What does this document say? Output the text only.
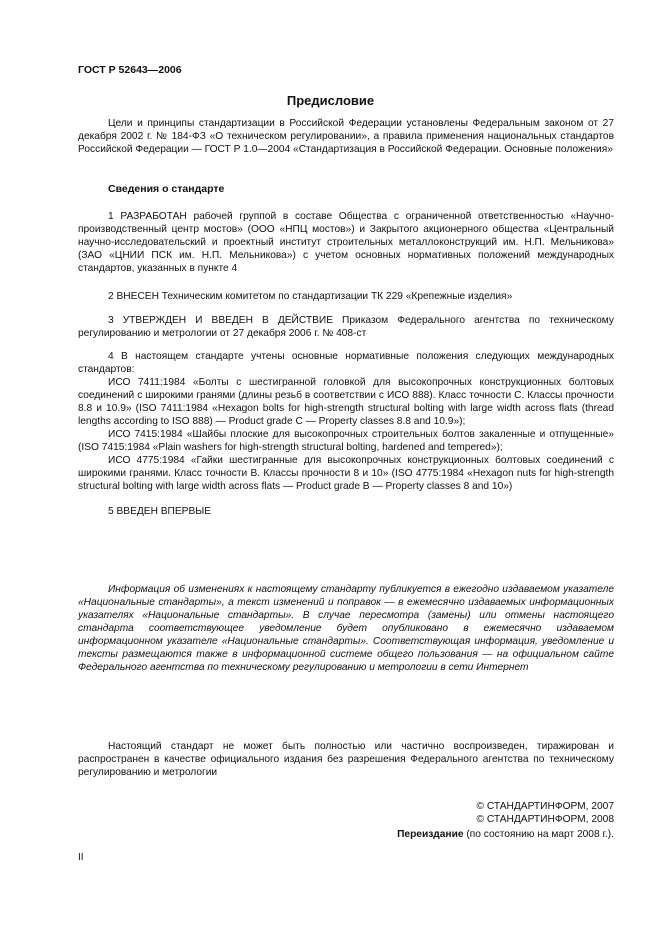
ГОСТ Р 52643—2006
Предисловие

Цели и принципы стандартизации в Российской Федерации установлены Федеральным законом от 27 декабря 2002 г. № 184-ФЗ «О техническом регулировании», а правила применения национальных стандартов Российской Федерации — ГОСТ Р 1.0—2004 «Стандартизация в Российской Федерации. Основные положения»

Сведения о стандарте

1 РАЗРАБОТАН рабочей группой в составе Общества с ограниченной ответственностью «Научно-производственный центр мостов» (ООО «НПЦ мостов») и Закрытого акционерного общества «Центральный научно-исследовательский и проектный институт строительных металлоконструкций им. Н.П. Мельникова» (ЗАО «ЦНИИ ПСК им. Н.П. Мельникова») с учетом основных нормативных положений международных стандартов, указанных в пункте 4

2 ВНЕСЕН Техническим комитетом по стандартизации ТК 229 «Крепежные изделия»

3 УТВЕРЖДЕН И ВВЕДЕН В ДЕЙСТВИЕ Приказом Федерального агентства по техническому регулированию и метрологии от 27 декабря 2006 г. № 408-ст

4 В настоящем стандарте учтены основные нормативные положения следующих международных стандартов:

ИСО 7411:1984 «Болты с шестигранной головкой для высокопрочных конструкционных болтовых соединений с широкими гранями (длины резьб в соответствии с ИСО 888). Класс точности С. Классы прочности 8.8 и 10.9» (ISO 7411:1984 «Hexagon bolts for high-strength structural bolting with large width across flats (thread lengths according to ISO 888) — Product grade C — Property classes 8.8 and 10.9»);

ИСО 7415:1984 «Шайбы плоские для высокопрочных строительных болтов закаленные и отпущенные» (ISO 7415:1984 «Plain washers for high-strength structural bolting, hardened and tempered»);

ИСО 4775:1984 «Гайки шестигранные для высокопрочных конструкционных болтовых соединений с широкими гранями. Класс точности В. Классы прочности 8 и 10» (ISO 4775:1984 «Hexagon nuts for high-strength structural bolting with large width across flats — Product grade B — Property classes 8 and 10»)

5 ВВЕДЕН ВПЕРВЫЕ

Информация об изменениях к настоящему стандарту публикуется в ежегодно издаваемом указателе «Национальные стандарты», а текст изменений и поправок — в ежемесячно издаваемых информационных указателях «Национальные стандарты». В случае пересмотра (замены) или отмены настоящего стандарта соответствующее уведомление будет опубликовано в ежемесячно издаваемом информационном указателе «Национальные стандарты». Соответствующая информация, уведомление и тексты размещаются также в информационной системе общего пользования — на официальном сайте Федерального агентства по техническому регулированию и метрологии в сети Интернет

Настоящий стандарт не может быть полностью или частично воспроизведен, тиражирован и распространен в качестве официального издания без разрешения Федерального агентства по техническому регулированию и метрологии

© СТАНДАРТИНФОРМ, 2007
© СТАНДАРТИНФОРМ, 2008
Переиздание (по состоянию на март 2008 г.).
II
